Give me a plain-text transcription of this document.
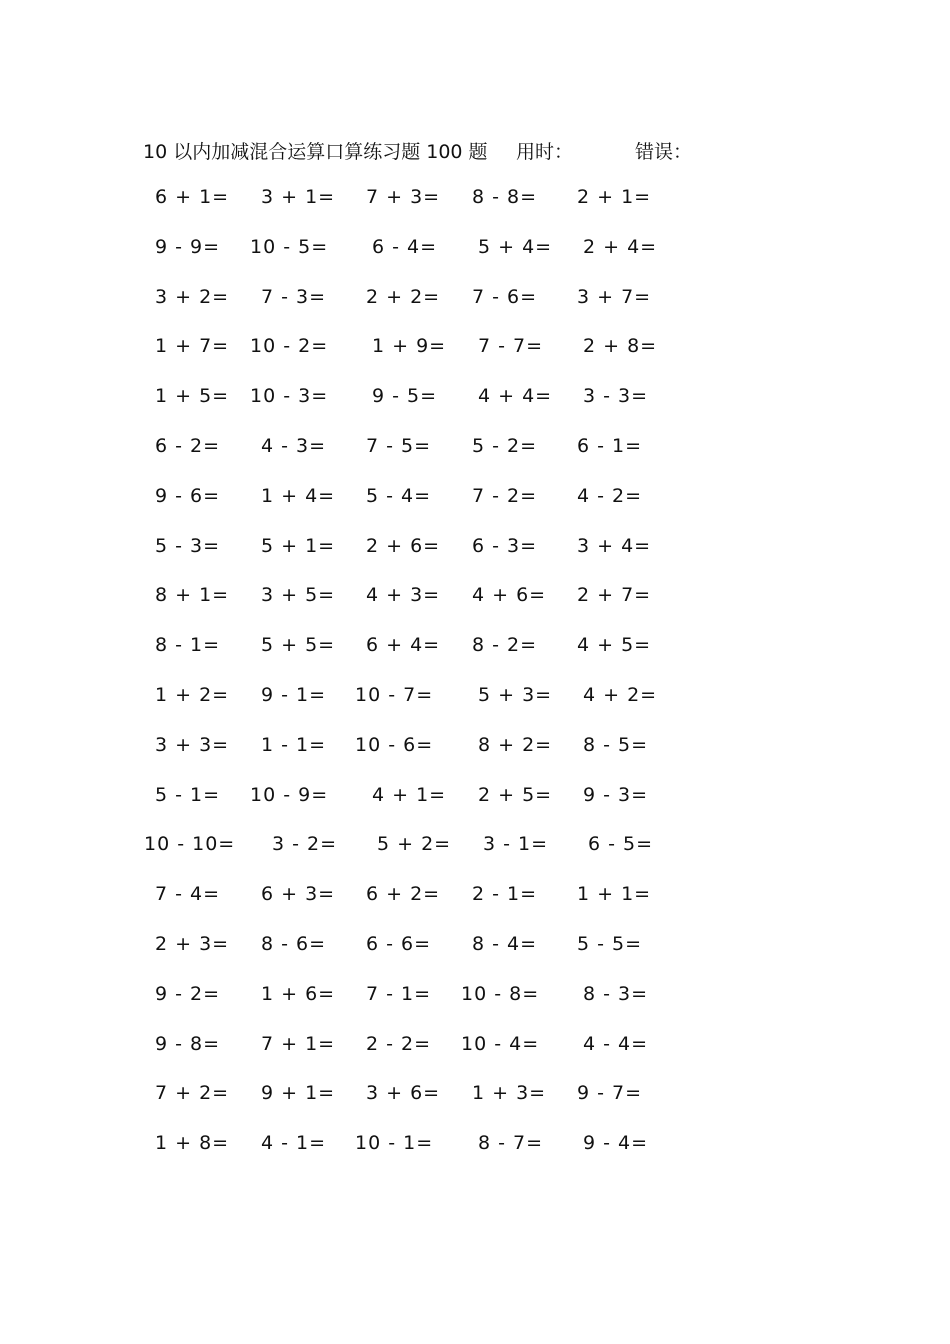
10 以内加减混合运算口算练习题 100 题 用时：	错误：
6 + 1= 3 + 1= 7 + 3= 8 - 8= 2 + 1=
9 - 9= 10 - 5= 6 - 4= 5 + 4= 2 + 4=
3 + 2= 7 - 3= 2 + 2= 7 - 6= 3 + 7=
1 + 7= 10 - 2= 1 + 9= 7 - 7= 2 + 8=
1 + 5= 10 - 3= 9 - 5= 4 + 4= 3 - 3=
6 - 2= 4 - 3= 7 - 5= 5 - 2= 6 - 1=
9 - 6= 1 + 4= 5 - 4= 7 - 2= 4 - 2=
5 - 3= 5 + 1= 2 + 6= 6 - 3= 3 + 4=
8 + 1= 3 + 5= 4 + 3= 4 + 6= 2 + 7=
8 - 1= 5 + 5= 6 + 4= 8 - 2= 4 + 5=
1 + 2= 9 - 1= 10 - 7= 5 + 3= 4 + 2=
3 + 3= 1 - 1= 10 - 6= 8 + 2= 8 - 5=
5 - 1= 10 - 9= 4 + 1= 2 + 5= 9 - 3=
10 - 10= 3 - 2= 5 + 2= 3 - 1= 6 - 5=
7 - 4= 6 + 3= 6 + 2= 2 - 1= 1 + 1=
2 + 3= 8 - 6= 6 - 6= 8 - 4= 5 - 5=
9 - 2= 1 + 6= 7 - 1= 10 - 8= 8 - 3=
9 - 8= 7 + 1= 2 - 2= 10 - 4= 4 - 4=
7 + 2= 9 + 1= 3 + 6= 1 + 3= 9 - 7=
1 + 8= 4 - 1= 10 - 1= 8 - 7= 9 - 4=
